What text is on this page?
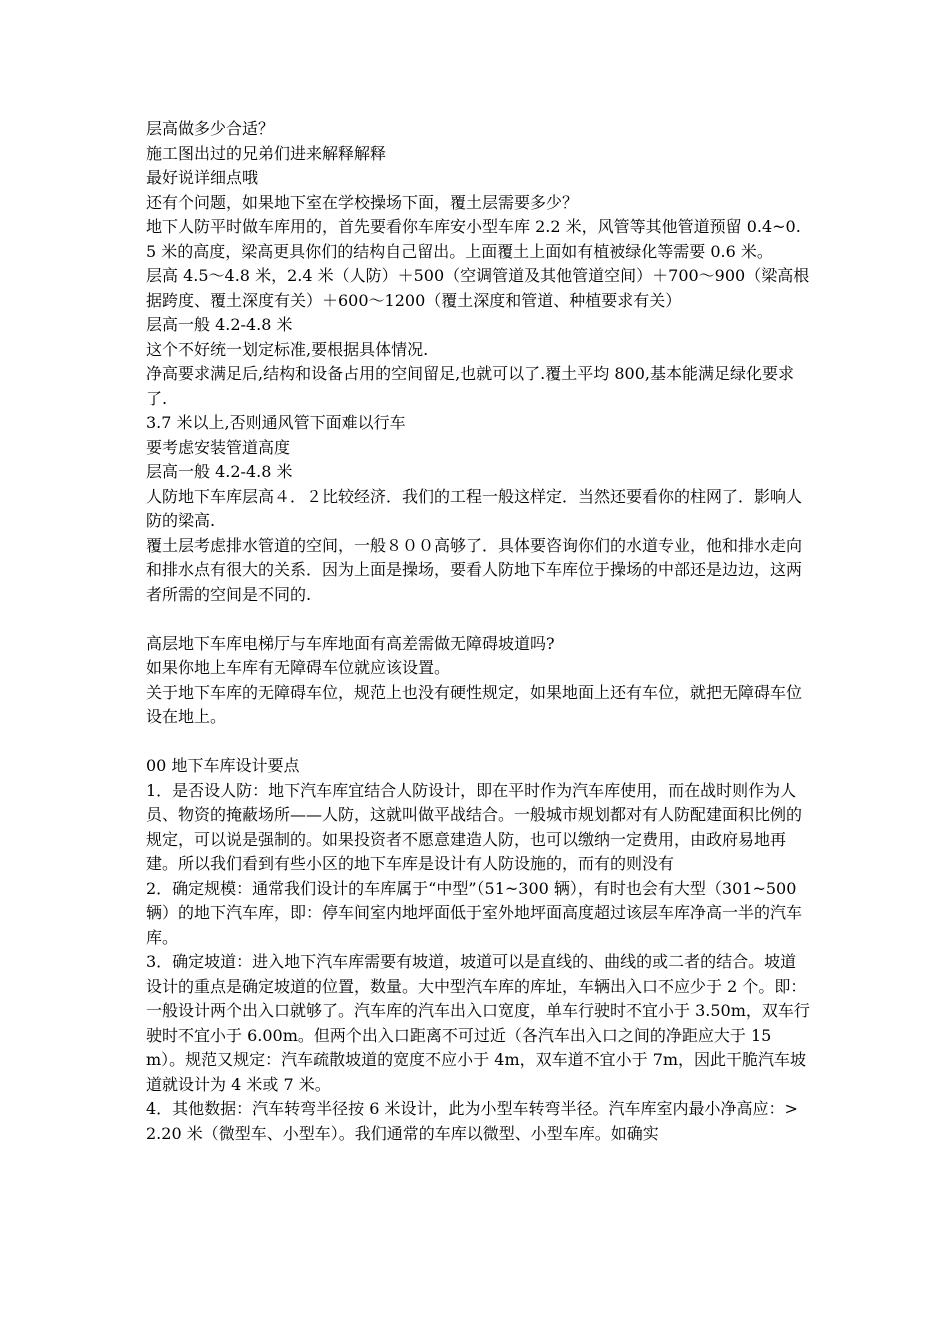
层高做多少合适？

施工图出过的兄弟们进来解释解释

最好说详细点哦

还有个问题，如果地下室在学校操场下面，覆土层需要多少？

地下人防平时做车库用的，首先要看你车库安小型车库 2.2 米，风管等其他管道预留 0.4~0.5 米的高度，梁高更具你们的结构自己留出。上面覆土上面如有植被绿化等需要 0.6 米。

层高 4.5～4.8 米，2.4 米（人防）＋500（空调管道及其他管道空间）＋700～900（梁高根据跨度、覆土深度有关）＋600～1200（覆土深度和管道、种植要求有关）

层高一般 4.2-4.8 米

这个不好统一划定标准,要根据具体情况.

净高要求满足后,结构和设备占用的空间留足,也就可以了.覆土平均 800,基本能满足绿化要求了.

3.7 米以上,否则通风管下面难以行车

要考虑安装管道高度

层高一般 4.2-4.8 米

人防地下车库层高４．２比较经济．我们的工程一般这样定．当然还要看你的柱网了．影响人防的梁高.

覆土层考虑排水管道的空间，一般８００高够了．具体要咨询你们的水道专业，他和排水走向和排水点有很大的关系．因为上面是操场，要看人防地下车库位于操场的中部还是边边，这两者所需的空间是不同的.

高层地下车库电梯厅与车库地面有高差需做无障碍坡道吗?

如果你地上车库有无障碍车位就应该设置。

关于地下车库的无障碍车位，规范上也没有硬性规定，如果地面上还有车位，就把无障碍车位设在地上。

00 地下车库设计要点

1．是否设人防：地下汽车库宜结合人防设计，即在平时作为汽车库使用，而在战时则作为人员、物资的掩蔽场所——人防，这就叫做平战结合。一般城市规划都对有人防配建面积比例的规定，可以说是强制的。如果投资者不愿意建造人防，也可以缴纳一定费用，由政府易地再建。所以我们看到有些小区的地下车库是设计有人防设施的，而有的则没有

2．确定规模：通常我们设计的车库属于“中型”（51~300 辆），有时也会有大型（301~500 辆）的地下汽车库，即：停车间室内地坪面低于室外地坪面高度超过该层车库净高一半的汽车库。

3．确定坡道：进入地下汽车库需要有坡道，坡道可以是直线的、曲线的或二者的结合。坡道设计的重点是确定坡道的位置，数量。大中型汽车库的库址，车辆出入口不应少于 2 个。即：一般设计两个出入口就够了。汽车库的汽车出入口宽度，单车行驶时不宜小于 3.50m，双车行驶时不宜小于 6.00m。但两个出入口距离不可过近（各汽车出入口之间的净距应大于 15m）。规范又规定：汽车疏散坡道的宽度不应小于 4m，双车道不宜小于 7m，因此干脆汽车坡道就设计为 4 米或 7 米。

4．其他数据：汽车转弯半径按 6 米设计，此为小型车转弯半径。汽车库室内最小净高应：>2.20 米（微型车、小型车）。我们通常的车库以微型、小型车库。如确实
